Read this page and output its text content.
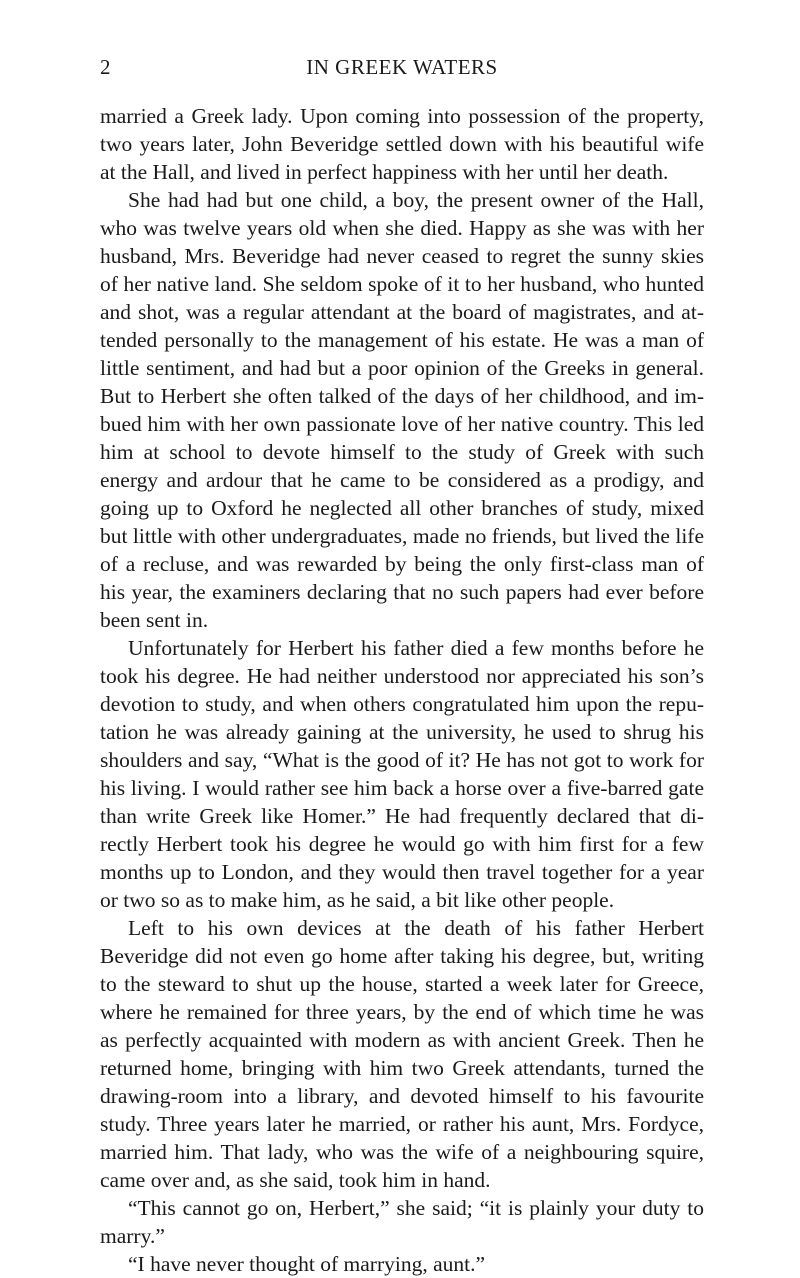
2	IN GREEK WATERS

married a Greek lady. Upon coming into possession of the property, two years later, John Beveridge settled down with his beautiful wife at the Hall, and lived in perfect happiness with her until her death.

She had had but one child, a boy, the present owner of the Hall, who was twelve years old when she died. Happy as she was with her husband, Mrs. Beveridge had never ceased to regret the sunny skies of her native land. She seldom spoke of it to her husband, who hunted and shot, was a regular attendant at the board of magistrates, and attended personally to the management of his estate. He was a man of little sentiment, and had but a poor opinion of the Greeks in general. But to Herbert she often talked of the days of her childhood, and imbued him with her own passionate love of her native country. This led him at school to devote himself to the study of Greek with such energy and ardour that he came to be considered as a prodigy, and going up to Oxford he neglected all other branches of study, mixed but little with other undergraduates, made no friends, but lived the life of a recluse, and was rewarded by being the only first-class man of his year, the examiners declaring that no such papers had ever before been sent in.

Unfortunately for Herbert his father died a few months before he took his degree. He had neither understood nor appreciated his son’s devotion to study, and when others congratulated him upon the reputation he was already gaining at the university, he used to shrug his shoulders and say, “What is the good of it? He has not got to work for his living. I would rather see him back a horse over a five-barred gate than write Greek like Homer.” He had frequently declared that directly Herbert took his degree he would go with him first for a few months up to London, and they would then travel together for a year or two so as to make him, as he said, a bit like other people.

Left to his own devices at the death of his father Herbert Beveridge did not even go home after taking his degree, but, writing to the steward to shut up the house, started a week later for Greece, where he remained for three years, by the end of which time he was as perfectly acquainted with modern as with ancient Greek. Then he returned home, bringing with him two Greek attendants, turned the drawing-room into a library, and devoted himself to his favourite study. Three years later he married, or rather his aunt, Mrs. Fordyce, married him. That lady, who was the wife of a neighbouring squire, came over and, as she said, took him in hand.

“This cannot go on, Herbert,” she said; “it is plainly your duty to marry.”

“I have never thought of marrying, aunt.”
